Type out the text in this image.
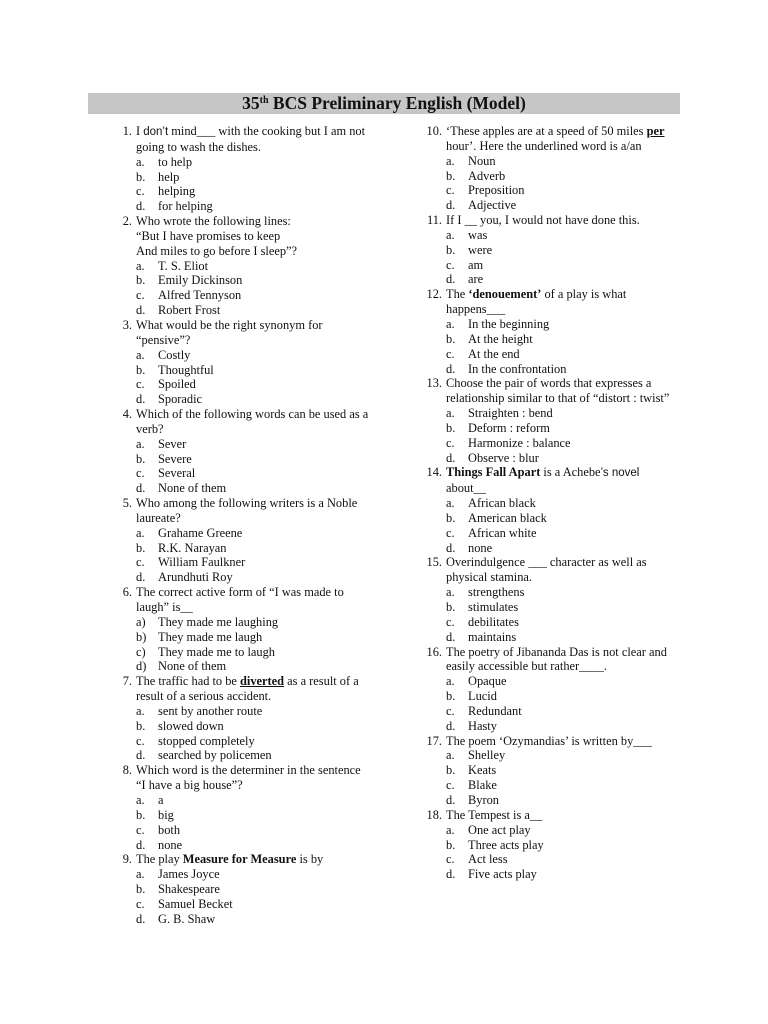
35th BCS Preliminary English (Model)
1. I don’t mind___ with the cooking but I am not going to wash the dishes.
a. to help
b. help
c. helping
d. for helping
2. Who wrote the following lines:
“But I have promises to keep
And miles to go before I sleep”?
a. T. S. Eliot
b. Emily Dickinson
c. Alfred Tennyson
d. Robert Frost
3. What would be the right synonym for “pensive”?
a. Costly
b. Thoughtful
c. Spoiled
d. Sporadic
4. Which of the following words can be used as a verb?
a. Sever
b. Severe
c. Several
d. None of them
5. Who among the following writers is a Noble laureate?
a. Grahame Greene
b. R.K. Narayan
c. William Faulkner
d. Arundhuti Roy
6. The correct active form of “I was made to laugh” is__
a) They made me laughing
b) They made me laugh
c) They made me to laugh
d) None of them
7. The traffic had to be diverted as a result of a result of a serious accident.
a. sent by another route
b. slowed down
c. stopped completely
d. searched by policemen
8. Which word is the determiner in the sentence “I have a big house”?
a. a
b. big
c. both
d. none
9. The play Measure for Measure is by
a. James Joyce
b. Shakespeare
c. Samuel Becket
d. G. B. Shaw
10. ‘These apples are at a speed of 50 miles per hour’. Here the underlined word is a/an
a. Noun
b. Adverb
c. Preposition
d. Adjective
11. If I __ you, I would not have done this.
a. was
b. were
c. am
d. are
12. The ‘denouement’ of a play is what happens___
a. In the beginning
b. At the height
c. At the end
d. In the confrontation
13. Choose the pair of words that expresses a relationship similar to that of “distort : twist”
a. Straighten : bend
b. Deform : reform
c. Harmonize : balance
d. Observe : blur
14. Things Fall Apart is a Achebe’s novel about__
a. African black
b. American black
c. African white
d. none
15. Overindulgence ___ character as well as physical stamina.
a. strengthens
b. stimulates
c. debilitates
d. maintains
16. The poetry of Jibananda Das is not clear and easily accessible but rather____.
a. Opaque
b. Lucid
c. Redundant
d. Hasty
17. The poem ‘Ozymandias’ is written by___
a. Shelley
b. Keats
c. Blake
d. Byron
18. The Tempest is a__
a. One act play
b. Three acts play
c. Act less
d. Five acts play
